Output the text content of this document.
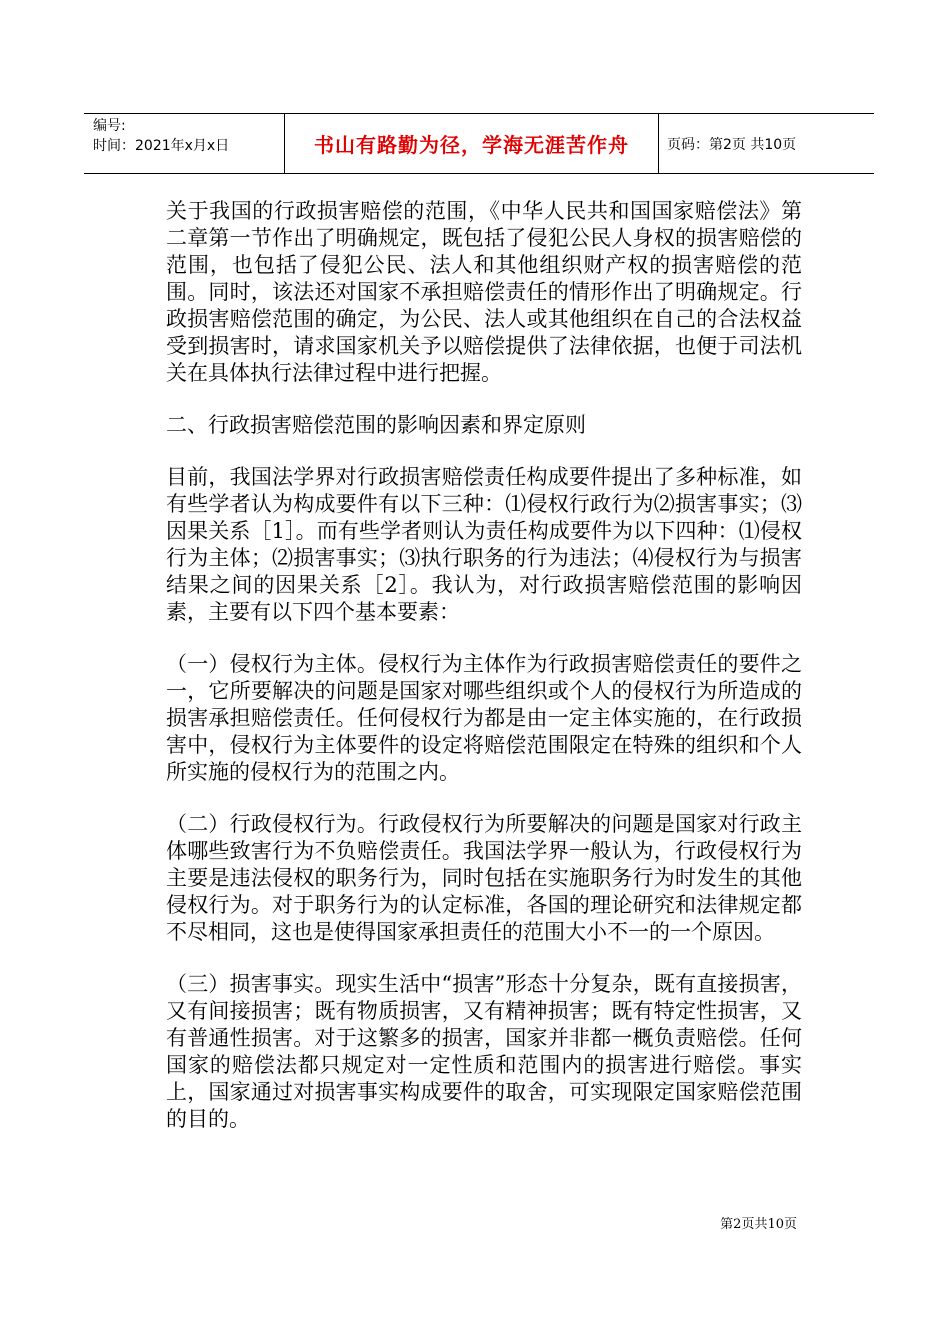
编号:
时间：2021年x月x日	书山有路勤为径，学海无涯苦作舟	页码：第2页 共10页

关于我国的行政损害赔偿的范围，《中华人民共和国国家赔偿法》第二章第一节作出了明确规定，既包括了侵犯公民人身权的损害赔偿的范围，也包括了侵犯公民、法人和其他组织财产权的损害赔偿的范围。同时，该法还对国家不承担赔偿责任的情形作出了明确规定。行政损害赔偿范围的确定，为公民、法人或其他组织在自己的合法权益受到损害时，请求国家机关予以赔偿提供了法律依据，也便于司法机关在具体执行法律过程中进行把握。

二、行政损害赔偿范围的影响因素和界定原则

目前，我国法学界对行政损害赔偿责任构成要件提出了多种标准，如有些学者认为构成要件有以下三种：⑴侵权行政行为⑵损害事实；⑶因果关系［1］。而有些学者则认为责任构成要件为以下四种：⑴侵权行为主体；⑵损害事实；⑶执行职务的行为违法；⑷侵权行为与损害结果之间的因果关系［2］。我认为，对行政损害赔偿范围的影响因素，主要有以下四个基本要素：

（一）侵权行为主体。侵权行为主体作为行政损害赔偿责任的要件之一，它所要解决的问题是国家对哪些组织或个人的侵权行为所造成的损害承担赔偿责任。任何侵权行为都是由一定主体实施的，在行政损害中，侵权行为主体要件的设定将赔偿范围限定在特殊的组织和个人所实施的侵权行为的范围之内。

（二）行政侵权行为。行政侵权行为所要解决的问题是国家对行政主体哪些致害行为不负赔偿责任。我国法学界一般认为，行政侵权行为主要是违法侵权的职务行为，同时包括在实施职务行为时发生的其他侵权行为。对于职务行为的认定标准，各国的理论研究和法律规定都不尽相同，这也是使得国家承担责任的范围大小不一的一个原因。

（三）损害事实。现实生活中“损害”形态十分复杂，既有直接损害，又有间接损害；既有物质损害，又有精神损害；既有特定性损害，又有普通性损害。对于这繁多的损害，国家并非都一概负责赔偿。任何国家的赔偿法都只规定对一定性质和范围内的损害进行赔偿。事实上，国家通过对损害事实构成要件的取舍，可实现限定国家赔偿范围的目的。

第2页共10页
